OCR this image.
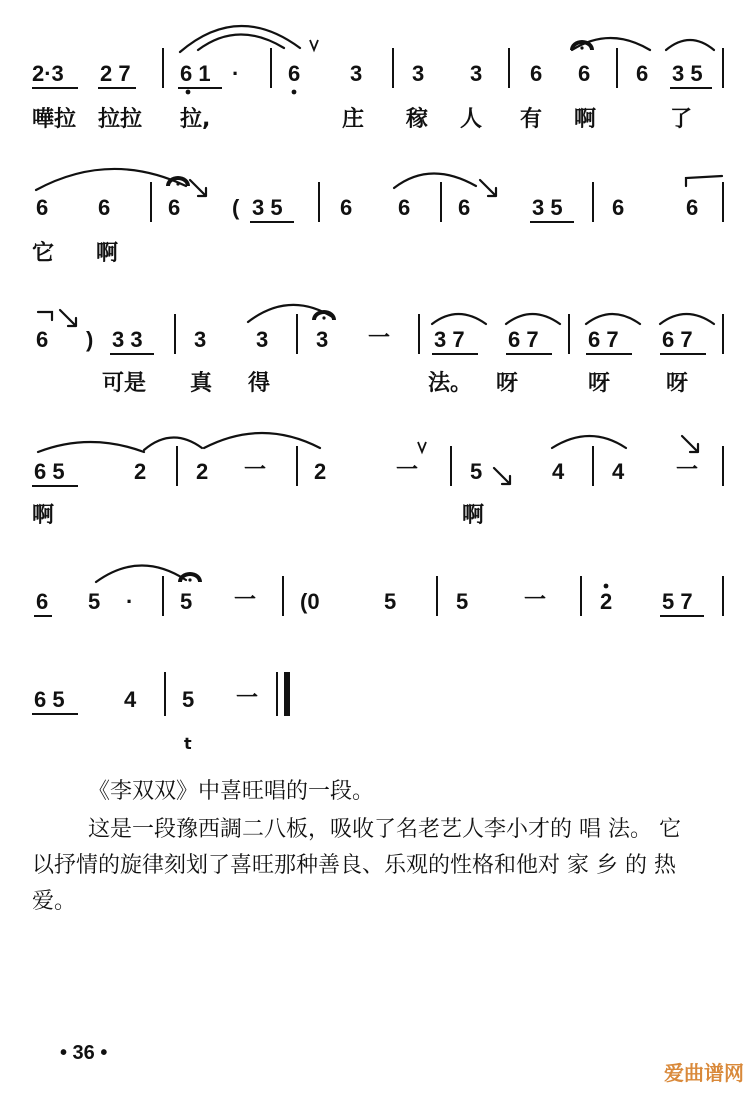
2·3 2 7 6 1 · 6 3 3 3 6 6 6 3 5
嘩拉 拉拉 拉,	庄 稼 人 有 啊	了
6 6	6 ( 3 5	6 6 6	3 5 6	6
它 啊
6 ) 3 3 3 3 3 一 3 7 6 7 6 7 6 7
可是 真 得	法。 呀	呀	呀
6 5	2 2 一 2	一 5	4 4 一
啊	啊
6 5 · 5 一 (0	5	5	一 2 5 7
6 5	4 5 一
t
《李双双》中喜旺唱的一段。
这是一段豫西調二八板，吸收了名老艺人李小才的 唱 法。 它
以抒情的旋律刻划了喜旺那种善良、乐观的性格和他对 家 乡 的 热
爱。
• 36 •
爱曲谱网
